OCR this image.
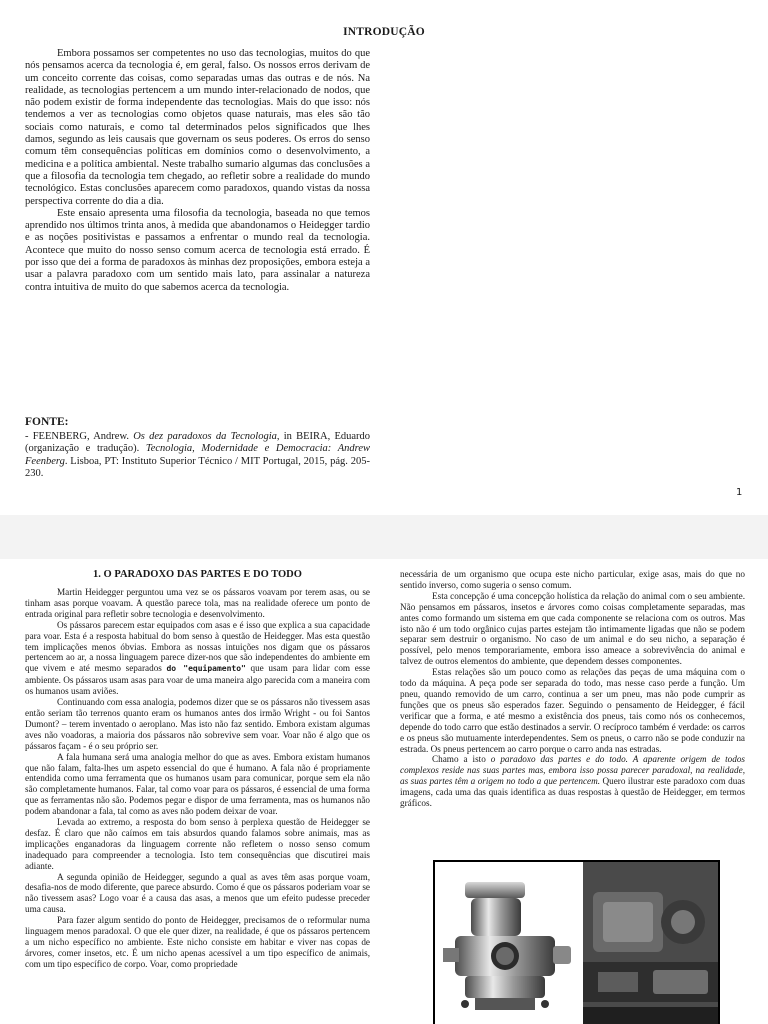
INTRODUÇÃO

Embora possamos ser competentes no uso das tecnologias, muitos do que nós pensamos acerca da tecnologia é, em geral, falso. Os nossos erros derivam de um conceito corrente das coisas, como separadas umas das outras e de nós. Na realidade, as tecnologias pertencem a um mundo inter-relacionado de nodos, que não podem existir de forma independente das tecnologias. Mais do que isso: nós tendemos a ver as tecnologias como objetos quase naturais, mas eles são tão sociais como naturais, e como tal determinados pelos significados que lhes damos, segundo as leis causais que governam os seus poderes. Os erros do senso comum têm consequências políticas em domínios como o desenvolvimento, a medicina e a política ambiental. Neste trabalho sumario algumas das conclusões a que a filosofia da tecnologia tem chegado, ao refletir sobre a realidade do mundo tecnológico. Estas conclusões aparecem como paradoxos, quando vistas da nossa perspectiva corrente do dia a dia.

Este ensaio apresenta uma filosofia da tecnologia, baseada no que temos aprendido nos últimos trinta anos, à medida que abandonamos o Heidegger tardio e as noções positivistas e passamos a enfrentar o mundo real da tecnologia. Acontece que muito do nosso senso comum acerca de tecnologia está errado. É por isso que dei a forma de paradoxos às minhas dez proposições, embora esteja a usar a palavra paradoxo com um sentido mais lato, para assinalar a natureza contra intuitiva de muito do que sabemos acerca da tecnologia.

FONTE:
- FEENBERG, Andrew. Os dez paradoxos da Tecnologia, in BEIRA, Eduardo (organização e tradução). Tecnologia, Modernidade e Democracia: Andrew Feenberg. Lisboa, PT: Instituto Superior Técnico / MIT Portugal, 2015, pág. 205-230.
1
1. O PARADOXO DAS PARTES E DO TODO

Martin Heidegger perguntou uma vez se os pássaros voavam por terem asas, ou se tinham asas porque voavam. A questão parece tola, mas na realidade oferece um ponto de entrada original para refletir sobre tecnologia e desenvolvimento.

Os pássaros parecem estar equipados com asas e é isso que explica a sua capacidade para voar. Esta é a resposta habitual do bom senso à questão de Heidegger. Mas esta questão tem implicações menos óbvias. Embora as nossas intuições nos digam que os pássaros pertencem ao ar, a nossa linguagem parece dizer-nos que são independentes do ambiente em que vivem e até mesmo separados do "equipamento" que usam para lidar com esse ambiente. Os pássaros usam asas para voar de uma maneira algo parecida com a maneira com os humanos usam aviões.

Continuando com essa analogia, podemos dizer que se os pássaros não tivessem asas então seriam tão terrenos quanto eram os humanos antes dos irmão Wright - ou foi Santos Dumont? – terem inventado o aeroplano. Mas isto não faz sentido. Embora existam algumas aves não voadoras, a maioria dos pássaros não sobrevive sem voar. Voar não é algo que os pássaros façam - é o seu próprio ser.

A fala humana será uma analogia melhor do que as aves. Embora existam humanos que não falam, falta-lhes um aspeto essencial do que é humano. A fala não é propriamente entendida como uma ferramenta que os humanos usam para comunicar, porque sem ela não são completamente humanos. Falar, tal como voar para os pássaros, é essencial de uma forma que as ferramentas não são. Podemos pegar e dispor de uma ferramenta, mas os humanos não podem abandonar a fala, tal como as aves não podem deixar de voar.

Levada ao extremo, a resposta do bom senso à perplexa questão de Heidegger se desfaz. É claro que não caímos em tais absurdos quando falamos sobre animais, mas as implicações enganadoras da linguagem corrente não refletem o nosso senso comum inadequado para compreender a tecnologia. Isto tem consequências que discutirei mais adiante.

A segunda opinião de Heidegger, segundo a qual as aves têm asas porque voam, desafia-nos de modo diferente, que parece absurdo. Como é que os pássaros poderiam voar se não tivessem asas? Logo voar é a causa das asas, a menos que um efeito pudesse preceder uma causa.

Para fazer algum sentido do ponto de Heidegger, precisamos de o reformular numa linguagem menos paradoxal. O que ele quer dizer, na realidade, é que os pássaros pertencem a um nicho específico no ambiente. Este nicho consiste em habitar e viver nas copas de árvores, comer insetos, etc. É um nicho apenas acessível a um tipo específico de animais, com um tipo específico de corpo. Voar, como propriedade

necessária de um organismo que ocupa este nicho particular, exige asas, mais do que no sentido inverso, como sugeria o senso comum.

Esta concepção é uma concepção holística da relação do animal com o seu ambiente. Não pensamos em pássaros, insetos e árvores como coisas completamente separadas, mas antes como formando um sistema em que cada componente se relaciona com os outros. Mas isto não é um todo orgânico cujas partes estejam tão intimamente ligadas que não se podem separar sem destruir o organismo. No caso de um animal e do seu nicho, a separação é possível, pelo menos temporariamente, embora isso ameace a sobrevivência do animal e talvez de outros elementos do ambiente, que dependem desses componentes.

Estas relações são um pouco como as relações das peças de uma máquina com o todo da máquina. A peça pode ser separada do todo, mas nesse caso perde a função. Um pneu, quando removido de um carro, continua a ser um pneu, mas não pode cumprir as funções que os pneus são esperados fazer. Seguindo o pensamento de Heidegger, é fácil verificar que a forma, e até mesmo a existência dos pneus, tais como nós os conhecemos, depende do todo carro que estão destinados a servir. O recíproco também é verdade: os carros e os pneus são mutuamente interdependentes. Sem os pneus, o carro não se pode conduzir na estrada. Os pneus pertencem ao carro porque o carro anda nas estradas.

Chamo a isto o paradoxo das partes e do todo. A aparente origem de todos complexos reside nas suas partes mas, embora isso possa parecer paradoxal, na realidade, as suas partes têm a origem no todo a que pertencem. Quero ilustrar este paradoxo com duas imagens, cada uma das quais identifica as duas respostas à questão de Heidegger, em termos gráficos.
